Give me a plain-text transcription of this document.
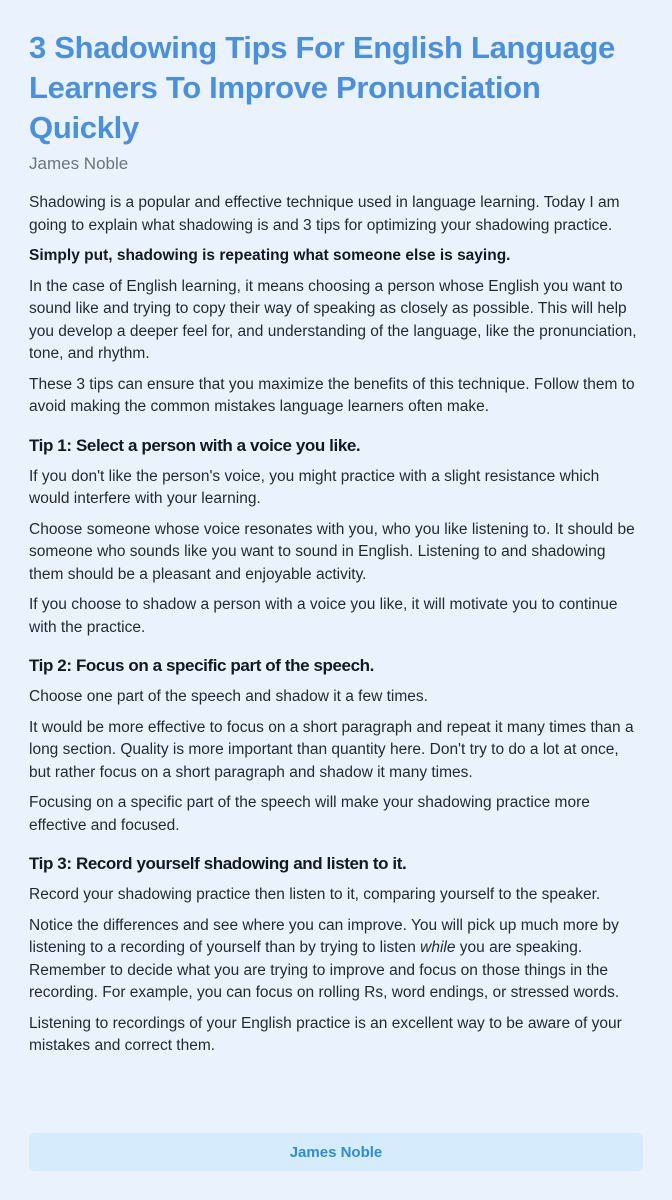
3 Shadowing Tips For English Language Learners To Improve Pronunciation Quickly
James Noble

Shadowing is a popular and effective technique used in language learning. Today I am going to explain what shadowing is and 3 tips for optimizing your shadowing practice.

Simply put, shadowing is repeating what someone else is saying.

In the case of English learning, it means choosing a person whose English you want to sound like and trying to copy their way of speaking as closely as possible. This will help you develop a deeper feel for, and understanding of the language, like the pronunciation, tone, and rhythm.

These 3 tips can ensure that you maximize the benefits of this technique. Follow them to avoid making the common mistakes language learners often make.

Tip 1: Select a person with a voice you like.

If you don't like the person's voice, you might practice with a slight resistance which would interfere with your learning.

Choose someone whose voice resonates with you, who you like listening to. It should be someone who sounds like you want to sound in English. Listening to and shadowing them should be a pleasant and enjoyable activity.

If you choose to shadow a person with a voice you like, it will motivate you to continue with the practice.

Tip 2: Focus on a specific part of the speech.

Choose one part of the speech and shadow it a few times.

It would be more effective to focus on a short paragraph and repeat it many times than a long section. Quality is more important than quantity here. Don't try to do a lot at once, but rather focus on a short paragraph and shadow it many times.

Focusing on a specific part of the speech will make your shadowing practice more effective and focused.

Tip 3: Record yourself shadowing and listen to it.

Record your shadowing practice then listen to it, comparing yourself to the speaker.

Notice the differences and see where you can improve. You will pick up much more by listening to a recording of yourself than by trying to listen while you are speaking. Remember to decide what you are trying to improve and focus on those things in the recording. For example, you can focus on rolling Rs, word endings, or stressed words.

Listening to recordings of your English practice is an excellent way to be aware of your mistakes and correct them.

James Noble
